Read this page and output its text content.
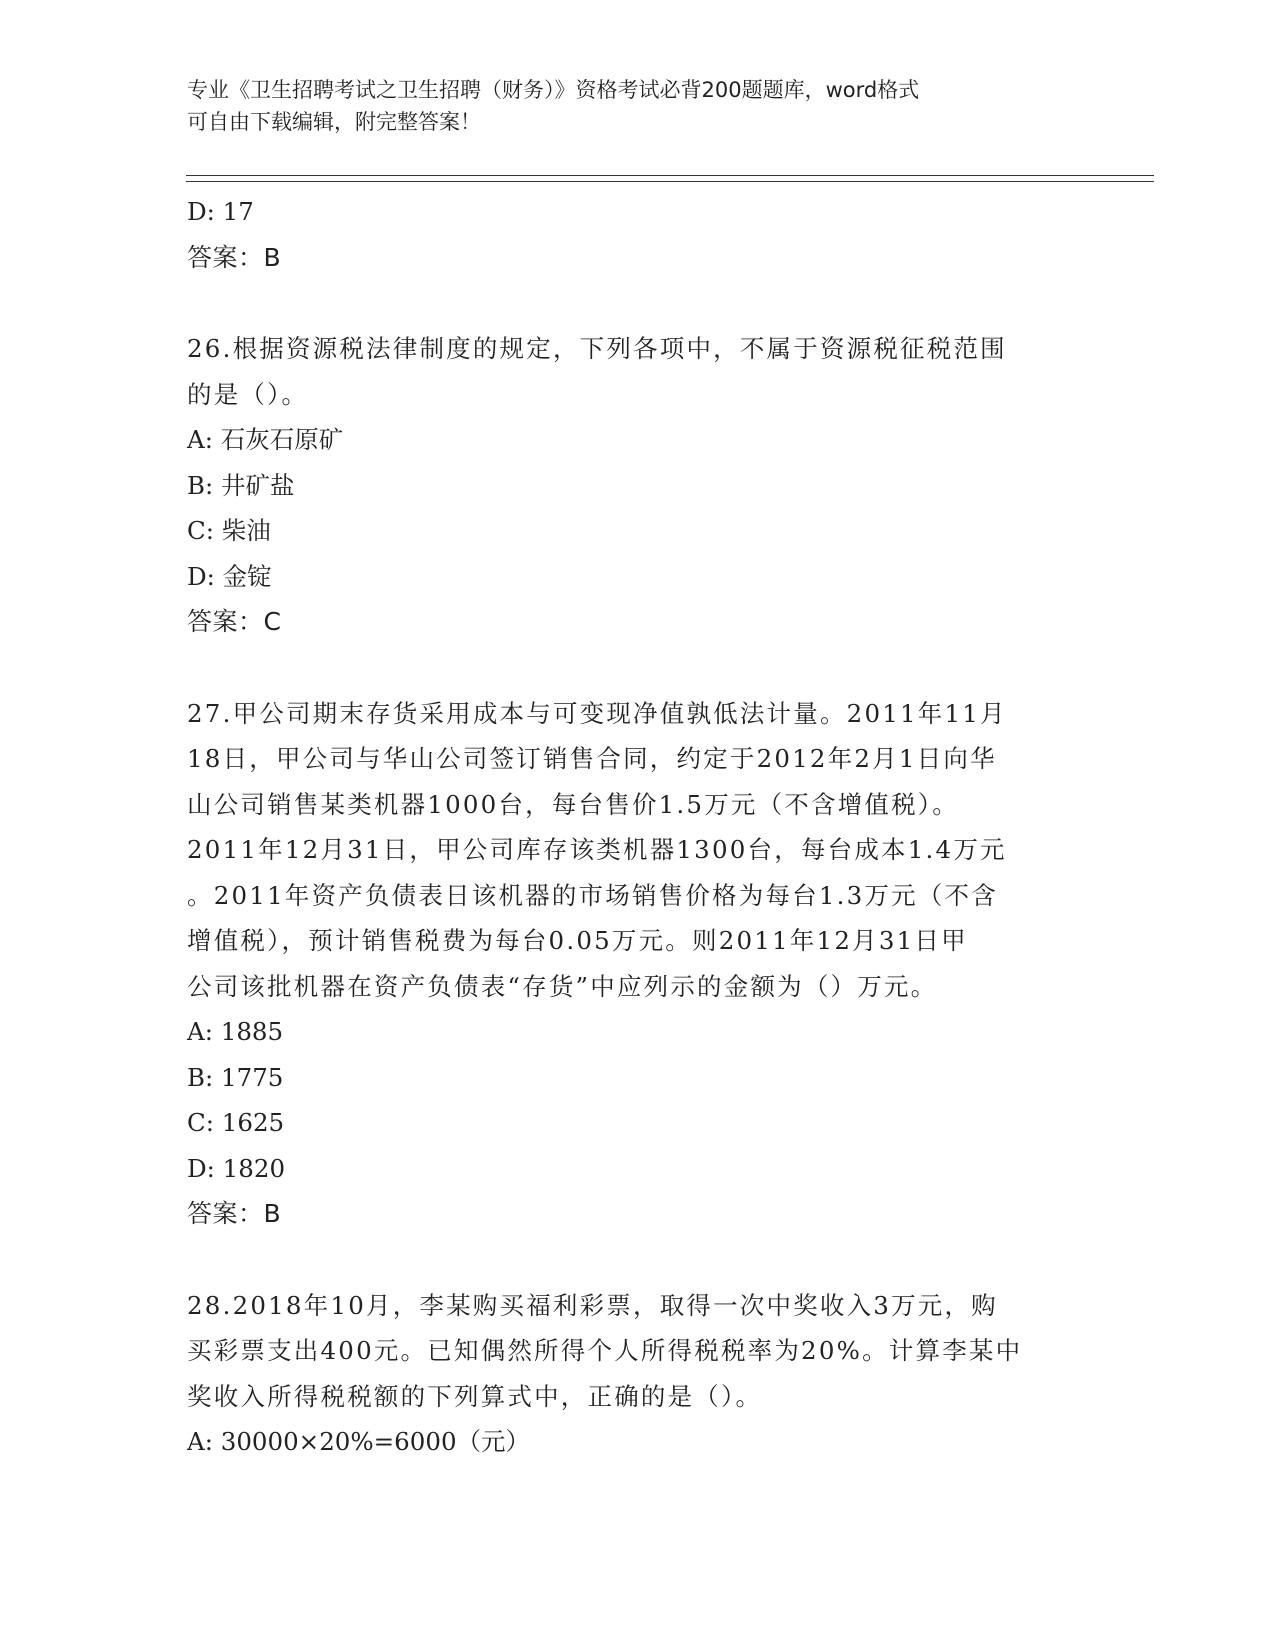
专业《卫生招聘考试之卫生招聘（财务）》资格考试必背200题题库，word格式
可自由下载编辑，附完整答案！
D: 17
答案：B
26.根据资源税法律制度的规定，下列各项中，不属于资源税征税范围
的是（）。
A: 石灰石原矿
B: 井矿盐
C: 柴油
D: 金锭
答案：C
27.甲公司期末存货采用成本与可变现净值孰低法计量。2011年11月
18日，甲公司与华山公司签订销售合同，约定于2012年2月1日向华
山公司销售某类机器1000台，每台售价1.5万元（不含增值税）。
2011年12月31日，甲公司库存该类机器1300台，每台成本1.4万元
。2011年资产负债表日该机器的市场销售价格为每台1.3万元（不含
增值税），预计销售税费为每台0.05万元。则2011年12月31日甲
公司该批机器在资产负债表“存货”中应列示的金额为（）万元。
A: 1885
B: 1775
C: 1625
D: 1820
答案：B
28.2018年10月，李某购买福利彩票，取得一次中奖收入3万元，购
买彩票支出400元。已知偶然所得个人所得税税率为20%。计算李某中
奖收入所得税税额的下列算式中，正确的是（）。
A: 30000×20%=6000（元）
